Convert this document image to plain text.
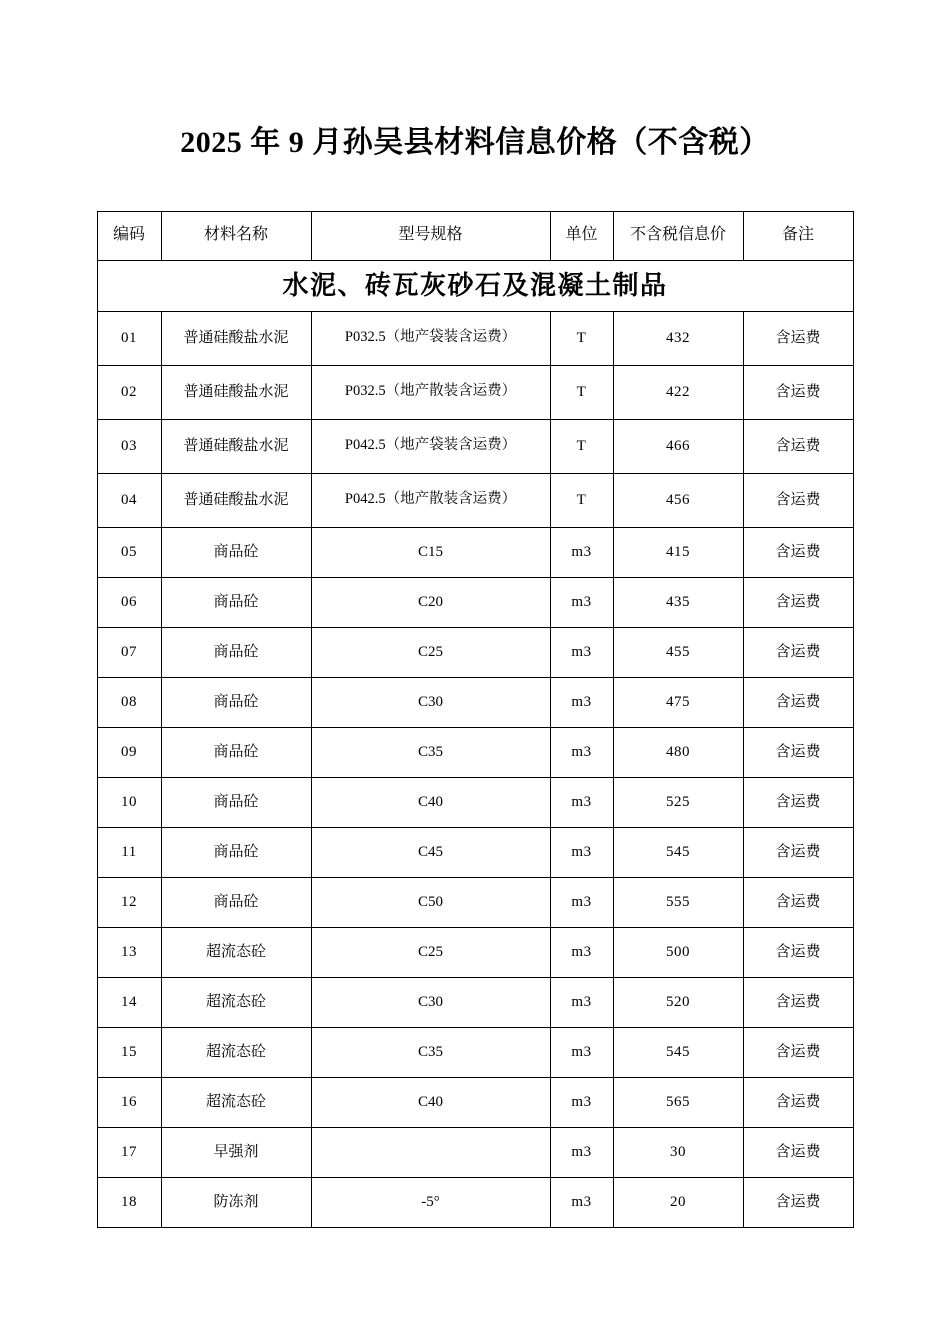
2025 年 9 月孙吴县材料信息价格（不含税）
编码	材料名称	型号规格	单位	不含税信息价	备注
水泥、砖瓦灰砂石及混凝土制品					
01	普通硅酸盐水泥	P032.5（地产袋装含运费）	T	432	含运费
02	普通硅酸盐水泥	P032.5（地产散装含运费）	T	422	含运费
03	普通硅酸盐水泥	P042.5（地产袋装含运费）	T	466	含运费
04	普通硅酸盐水泥	P042.5（地产散装含运费）	T	456	含运费
05	商品砼	C15	m3	415	含运费
06	商品砼	C20	m3	435	含运费
07	商品砼	C25	m3	455	含运费
08	商品砼	C30	m3	475	含运费
09	商品砼	C35	m3	480	含运费
10	商品砼	C40	m3	525	含运费
11	商品砼	C45	m3	545	含运费
12	商品砼	C50	m3	555	含运费
13	超流态砼	C25	m3	500	含运费
14	超流态砼	C30	m3	520	含运费
15	超流态砼	C35	m3	545	含运费
16	超流态砼	C40	m3	565	含运费
17	早强剂		m3	30	含运费
18	防冻剂	-5°	m3	20	含运费
